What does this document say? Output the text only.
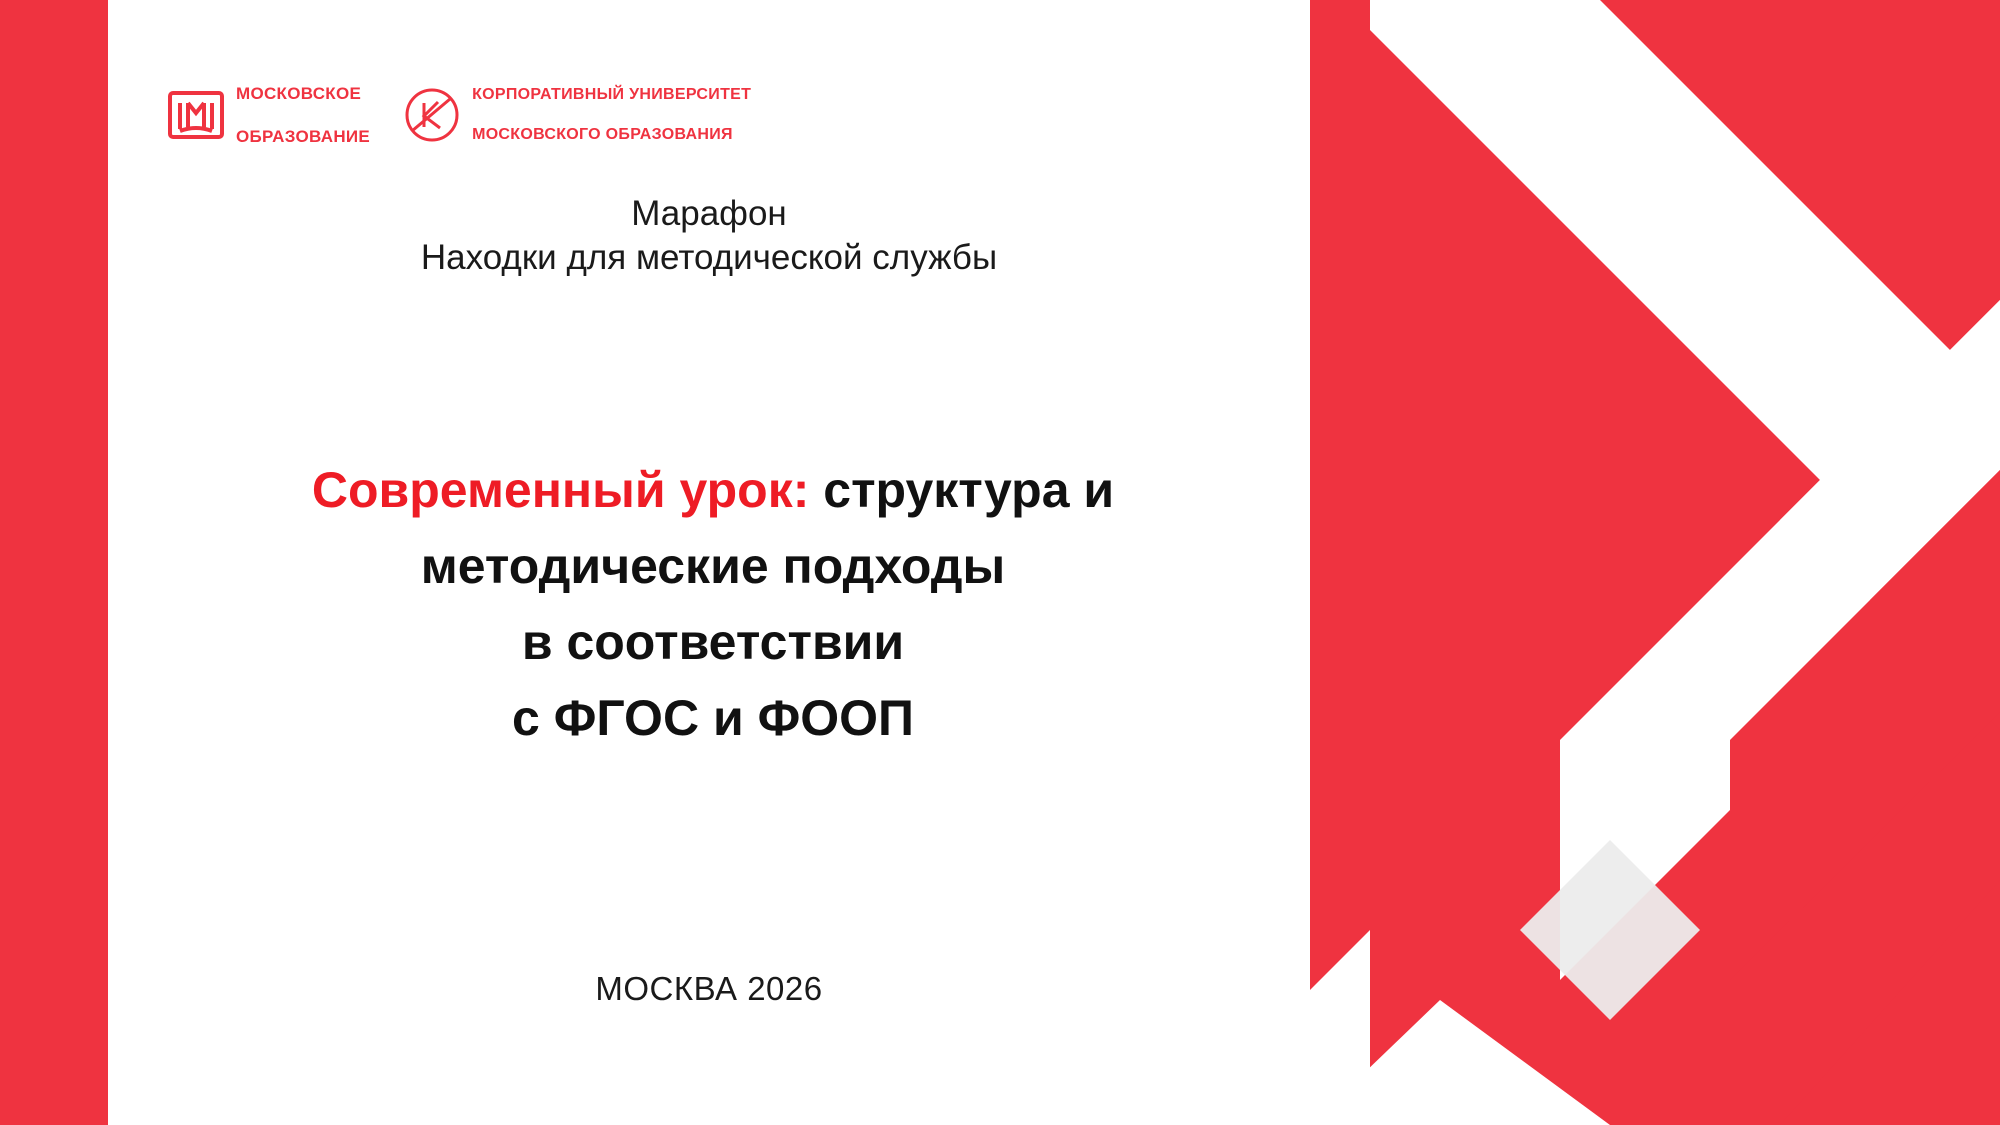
МОСКОВСКОЕ

ОБРАЗОВАНИЕ

КОРПОРАТИВНЫЙ УНИВЕРСИТЕТ

МОСКОВСКОГО ОБРАЗОВАНИЯ

Марафон
Находки для методической службы
Современный урок: структура и
методические подходы
в соответствии
с ФГОС и ФООП
МОСКВА 2026
